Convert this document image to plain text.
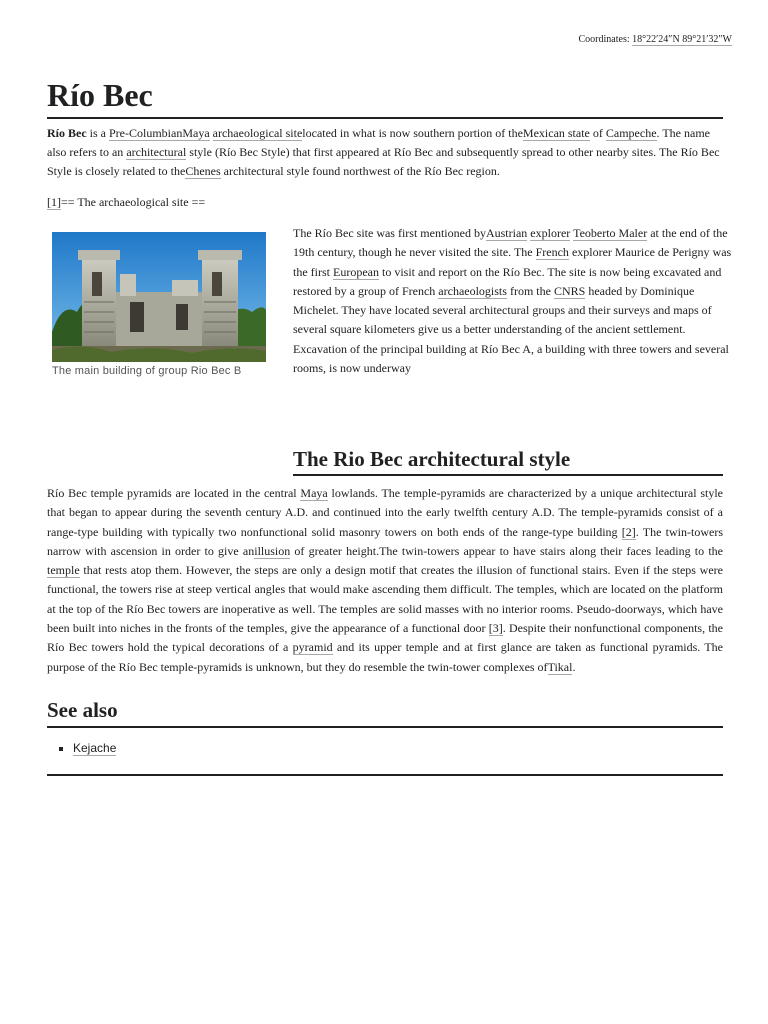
Coordinates: 18°22′24″N 89°21′32″W
Río Bec

Río Bec is a Pre-ColumbianMaya archaeological sitelocated in what is now southern portion of theMexican state of Campeche. The name also refers to an architectural style (Río Bec Style) that first appeared at Río Bec and subsequently spread to other nearby sites. The Río Bec Style is closely related to theChenes architectural style found northwest of the Río Bec region.

[1]== The archaeological site ==
The main building of group Rio Bec B
The Río Bec site was first mentioned byAustrian explorer Teoberto Maler at the end of the 19th century, though he never visited the site. The French explorer Maurice de Perigny was the first European to visit and report on the Río Bec. The site is now being excavated and restored by a group of French archaeologists from the CNRS headed by Dominique Michelet. They have located several architectural groups and their surveys and maps of several square kilometers give us a better understanding of the ancient settlement. Excavation of the principal building at Río Bec A, a building with three towers and several rooms, is now underway
The Rio Bec architectural style

Río Bec temple pyramids are located in the central Maya lowlands. The temple-pyramids are characterized by a unique architectural style that began to appear during the seventh century A.D. and continued into the early twelfth century A.D. The temple-pyramids consist of a range-type building with typically two nonfunctional solid masonry towers on both ends of the range-type building [2]. The twin-towers narrow with ascension in order to give anillusion of greater height.The twin-towers appear to have stairs along their faces leading to the temple that rests atop them. However, the steps are only a design motif that creates the illusion of functional stairs. Even if the steps were functional, the towers rise at steep vertical angles that would make ascending them difficult. The temples, which are located on the platform at the top of the Río Bec towers are inoperative as well. The temples are solid masses with no interior rooms. Pseudo-doorways, which have been built into niches in the fronts of the temples, give the appearance of a functional door [3]. Despite their nonfunctional components, the Río Bec towers hold the typical decorations of a pyramid and its upper temple and at first glance are taken as functional pyramids. The purpose of the Río Bec temple-pyramids is unknown, but they do resemble the twin-tower complexes ofTikal.

See also
▪ Kejache
